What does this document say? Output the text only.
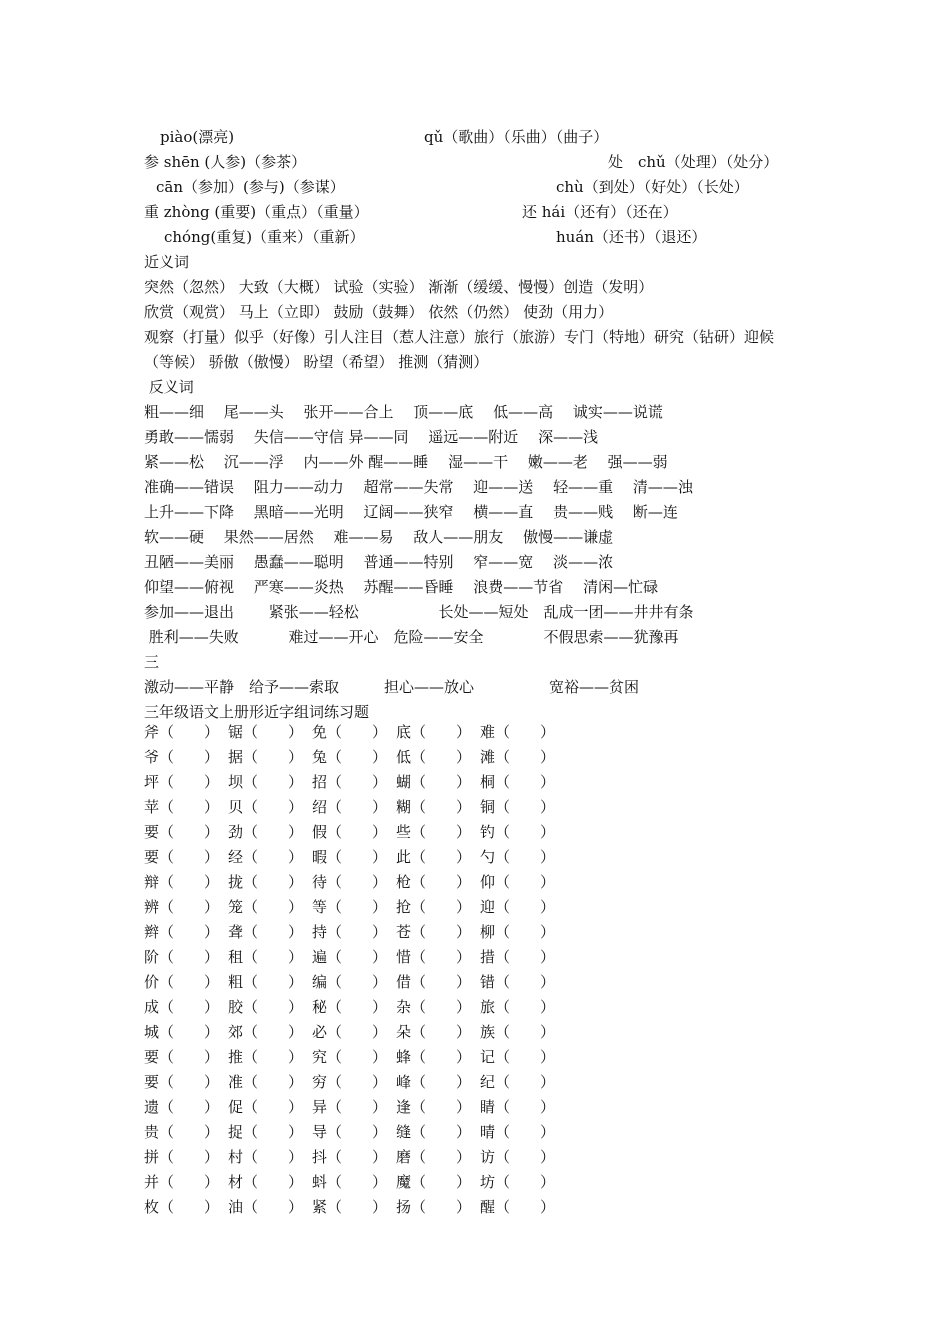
piào(漂亮)	qǔ（歌曲）（乐曲）（曲子）
参 shēn (人参)（参茶）	处　chǔ（处理）（处分）
cān（参加）(参与)（参谋）	chù（到处）（好处）（长处）
重 zhòng (重要)（重点）（重量）	还 hái（还有）（还在）
chóng(重复)（重来）（重新）	huán（还书）（退还）
近义词
突然（忽然） 大致（大概） 试验（实验） 渐渐（缓缓、慢慢）创造（发明）
欣赏（观赏） 马上（立即） 鼓励（鼓舞） 依然（仍然） 使劲（用力）
观察（打量）似乎（好像）引人注目（惹人注意）旅行（旅游）专门（特地）研究（钻研）迎候
（等候） 骄傲（傲慢） 盼望（希望） 推测（猜测）
反义词
粗——细　 尾——头　 张开——合上　 顶——底　 低——高　 诚实——说谎
勇敢——懦弱　 失信——守信 异——同　 遥远——附近　 深——浅
紧——松　 沉——浮　 内——外 醒——睡　 湿——干　 嫩——老　 强——弱
准确——错误　 阻力——动力　 超常——失常　 迎——送　 轻——重　 清——浊
上升——下降　 黑暗——光明　 辽阔——狭窄　 横——直　 贵——贱　 断—连
软——硬　 果然——居然　 难——易　 敌人——朋友　 傲慢——谦虚
丑陋——美丽　 愚蠢——聪明　 普通——特别　 窄——宽　 淡——浓
仰望——俯视　 严寒——炎热　 苏醒——昏睡　 浪费——节省　 清闲—忙碌
参加——退出　　 紧张——轻松　　　　　 长处——短处　乱成一团——井井有条
胜利——失败　　　 难过——开心　危险——安全　　　　不假思索——犹豫再
三
激动——平静　给予——索取　　　担心——放心　　　　　宽裕——贫困
三年级语文上册形近字组词练习题
斧（　　） 锯（　　） 免（　　） 底（　　） 难（　　）
爷（　　） 据（　　） 兔（　　） 低（　　） 滩（　　）
坪（　　） 坝（　　） 招（　　） 蝴（　　） 桐（　　）
苹（　　） 贝（　　） 绍（　　） 糊（　　） 铜（　　）
要（　　） 劲（　　） 假（　　） 些（　　） 钓（　　）
要（　　） 经（　　） 暇（　　） 此（　　） 勺（　　）
辩（　　） 拢（　　） 待（　　） 枪（　　） 仰（　　）
辨（　　） 笼（　　） 等（　　） 抢（　　） 迎（　　）
辫（　　） 聋（　　） 持（　　） 苍（　　） 柳（　　）
阶（　　） 租（　　） 遍（　　） 惜（　　） 措（　　）
价（　　） 粗（　　） 编（　　） 借（　　） 错（　　）
成（　　） 胶（　　） 秘（　　） 杂（　　） 旅（　　）
城（　　） 郊（　　） 必（　　） 朵（　　） 族（　　）
要（　　） 推（　　） 究（　　） 蜂（　　） 记（　　）
要（　　） 准（　　） 穷（　　） 峰（　　） 纪（　　）
遗（　　） 促（　　） 异（　　） 逢（　　） 睛（　　）
贵（　　） 捉（　　） 导（　　） 缝（　　） 晴（　　）
拼（　　） 村（　　） 抖（　　） 磨（　　） 访（　　）
并（　　） 材（　　） 蚪（　　） 魔（　　） 坊（　　）
枚（　　） 油（　　） 紧（　　） 扬（　　） 醒（　　）
